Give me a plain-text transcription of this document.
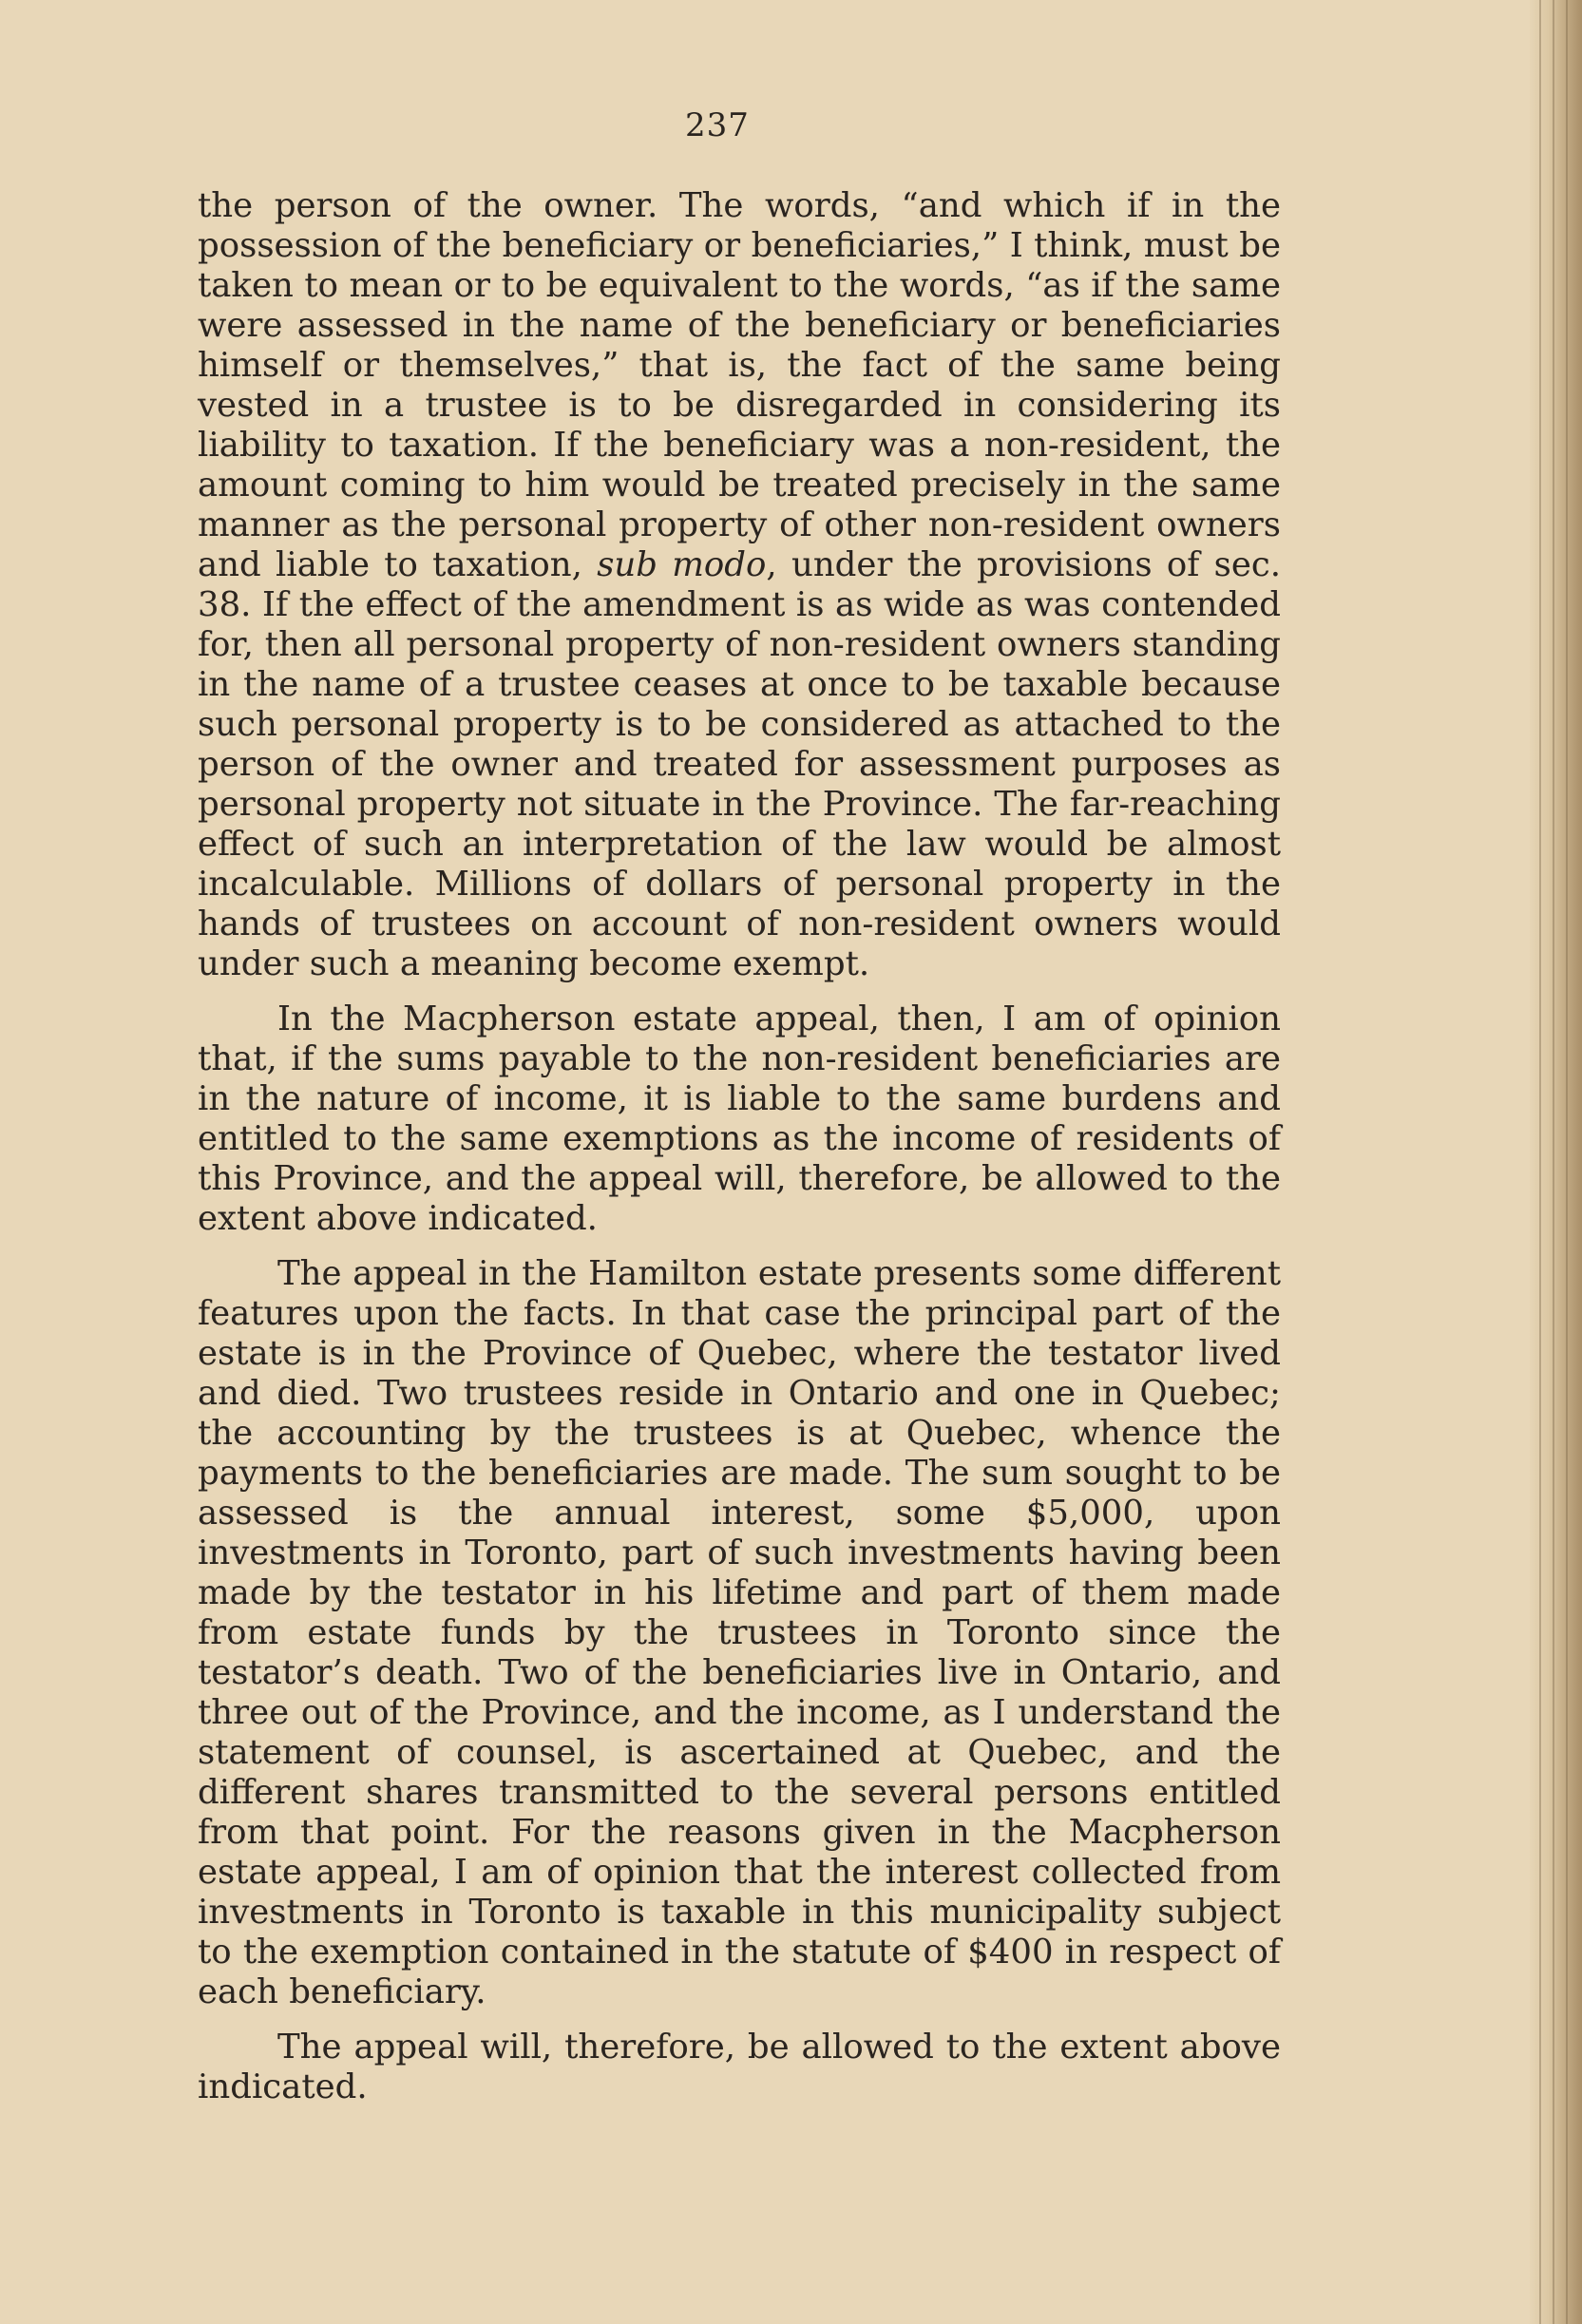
237

the person of the owner. The words, “and which if in the possession of the beneficiary or beneficiaries,” I think, must be taken to mean or to be equivalent to the words, “as if the same were assessed in the name of the beneficiary or beneficiaries himself or themselves,” that is, the fact of the same being vested in a trustee is to be disregarded in considering its liability to taxation. If the beneficiary was a non-resident, the amount coming to him would be treated precisely in the same manner as the personal property of other non-resident owners and liable to taxation, sub modo, under the provisions of sec. 38. If the effect of the amendment is as wide as was contended for, then all personal property of non-resident owners standing in the name of a trustee ceases at once to be taxable because such personal property is to be considered as attached to the person of the owner and treated for assessment purposes as personal property not situate in the Province. The far-reaching effect of such an interpretation of the law would be almost incalculable. Millions of dollars of personal property in the hands of trustees on account of non-resident owners would under such a meaning become exempt.

In the Macpherson estate appeal, then, I am of opinion that, if the sums payable to the non-resident beneficiaries are in the nature of income, it is liable to the same burdens and entitled to the same exemptions as the income of residents of this Province, and the appeal will, therefore, be allowed to the extent above indicated.

The appeal in the Hamilton estate presents some different features upon the facts. In that case the principal part of the estate is in the Province of Quebec, where the testator lived and died. Two trustees reside in Ontario and one in Quebec; the accounting by the trustees is at Quebec, whence the payments to the beneficiaries are made. The sum sought to be assessed is the annual interest, some $5,000, upon investments in Toronto, part of such investments having been made by the testator in his lifetime and part of them made from estate funds by the trustees in Toronto since the testator’s death. Two of the beneficiaries live in Ontario, and three out of the Province, and the income, as I understand the statement of counsel, is ascertained at Quebec, and the different shares transmitted to the several persons entitled from that point. For the reasons given in the Macpherson estate appeal, I am of opinion that the interest collected from investments in Toronto is taxable in this municipality subject to the exemption contained in the statute of $400 in respect of each beneficiary.

The appeal will, therefore, be allowed to the extent above indicated.
